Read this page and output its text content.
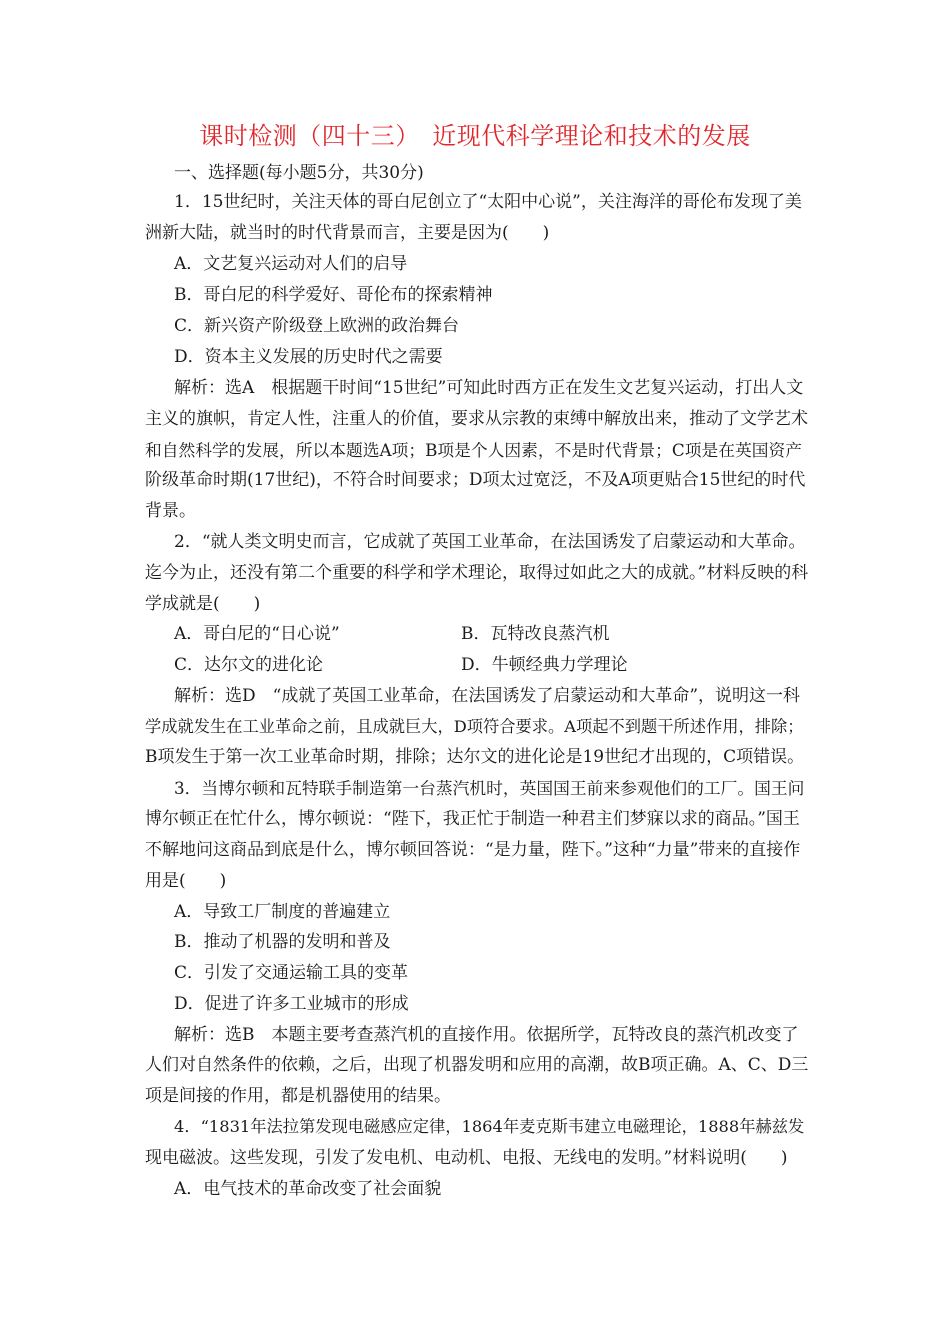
课时检测（四十三）　近现代科学理论和技术的发展
一、选择题(每小题5分，共30分)
1．15世纪时，关注天体的哥白尼创立了“太阳中心说”，关注海洋的哥伦布发现了美
洲新大陆，就当时的时代背景而言，主要是因为(　　)
A．文艺复兴运动对人们的启导
B．哥白尼的科学爱好、哥伦布的探索精神
C．新兴资产阶级登上欧洲的政治舞台
D．资本主义发展的历史时代之需要
解析：选A　根据题干时间“15世纪”可知此时西方正在发生文艺复兴运动，打出人文
主义的旗帜，肯定人性，注重人的价值，要求从宗教的束缚中解放出来，推动了文学艺术
和自然科学的发展，所以本题选A项；B项是个人因素，不是时代背景；C项是在英国资产
阶级革命时期(17世纪)，不符合时间要求；D项太过宽泛，不及A项更贴合15世纪的时代
背景。
2．“就人类文明史而言，它成就了英国工业革命，在法国诱发了启蒙运动和大革命。
迄今为止，还没有第二个重要的科学和学术理论，取得过如此之大的成就。”材料反映的科
学成就是(　　)
A．哥白尼的“日心说”	B．瓦特改良蒸汽机
C．达尔文的进化论	D．牛顿经典力学理论
解析：选D　“成就了英国工业革命，在法国诱发了启蒙运动和大革命”，说明这一科
学成就发生在工业革命之前，且成就巨大，D项符合要求。A项起不到题干所述作用，排除；
B项发生于第一次工业革命时期，排除；达尔文的进化论是19世纪才出现的，C项错误。
3．当博尔顿和瓦特联手制造第一台蒸汽机时，英国国王前来参观他们的工厂。国王问
博尔顿正在忙什么，博尔顿说：“陛下，我正忙于制造一种君主们梦寐以求的商品。”国王
不解地问这商品到底是什么，博尔顿回答说：“是力量，陛下。”这种“力量”带来的直接作
用是(　　)
A．导致工厂制度的普遍建立
B．推动了机器的发明和普及
C．引发了交通运输工具的变革
D．促进了许多工业城市的形成
解析：选B　本题主要考查蒸汽机的直接作用。依据所学，瓦特改良的蒸汽机改变了
人们对自然条件的依赖，之后，出现了机器发明和应用的高潮，故B项正确。A、C、D三
项是间接的作用，都是机器使用的结果。
4．“1831年法拉第发现电磁感应定律，1864年麦克斯韦建立电磁理论，1888年赫兹发
现电磁波。这些发现，引发了发电机、电动机、电报、无线电的发明。”材料说明(　　)
A．电气技术的革命改变了社会面貌
